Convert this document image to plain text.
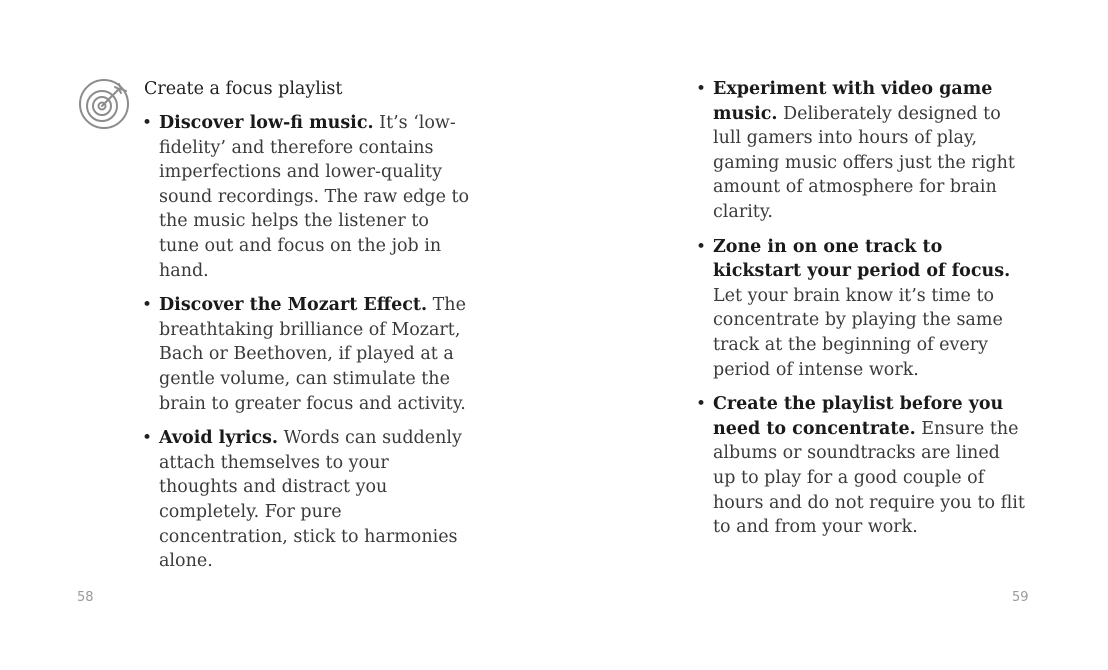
Create a focus playlist
• Discover low-fi music. It’s ‘low-fidelity’ and therefore contains imperfections and lower-quality sound recordings. The raw edge to the music helps the listener to tune out and focus on the job in hand.
• Discover the Mozart Effect. The breathtaking brilliance of Mozart, Bach or Beethoven, if played at a gentle volume, can stimulate the brain to greater focus and activity.
• Avoid lyrics. Words can suddenly attach themselves to your thoughts and distract you completely. For pure concentration, stick to harmonies alone.
58
• Experiment with video game music. Deliberately designed to lull gamers into hours of play, gaming music offers just the right amount of atmosphere for brain clarity.
• Zone in on one track to kickstart your period of focus. Let your brain know it’s time to concentrate by playing the same track at the beginning of every period of intense work.
• Create the playlist before you need to concentrate. Ensure the albums or soundtracks are lined up to play for a good couple of hours and do not require you to flit to and from your work.
59
